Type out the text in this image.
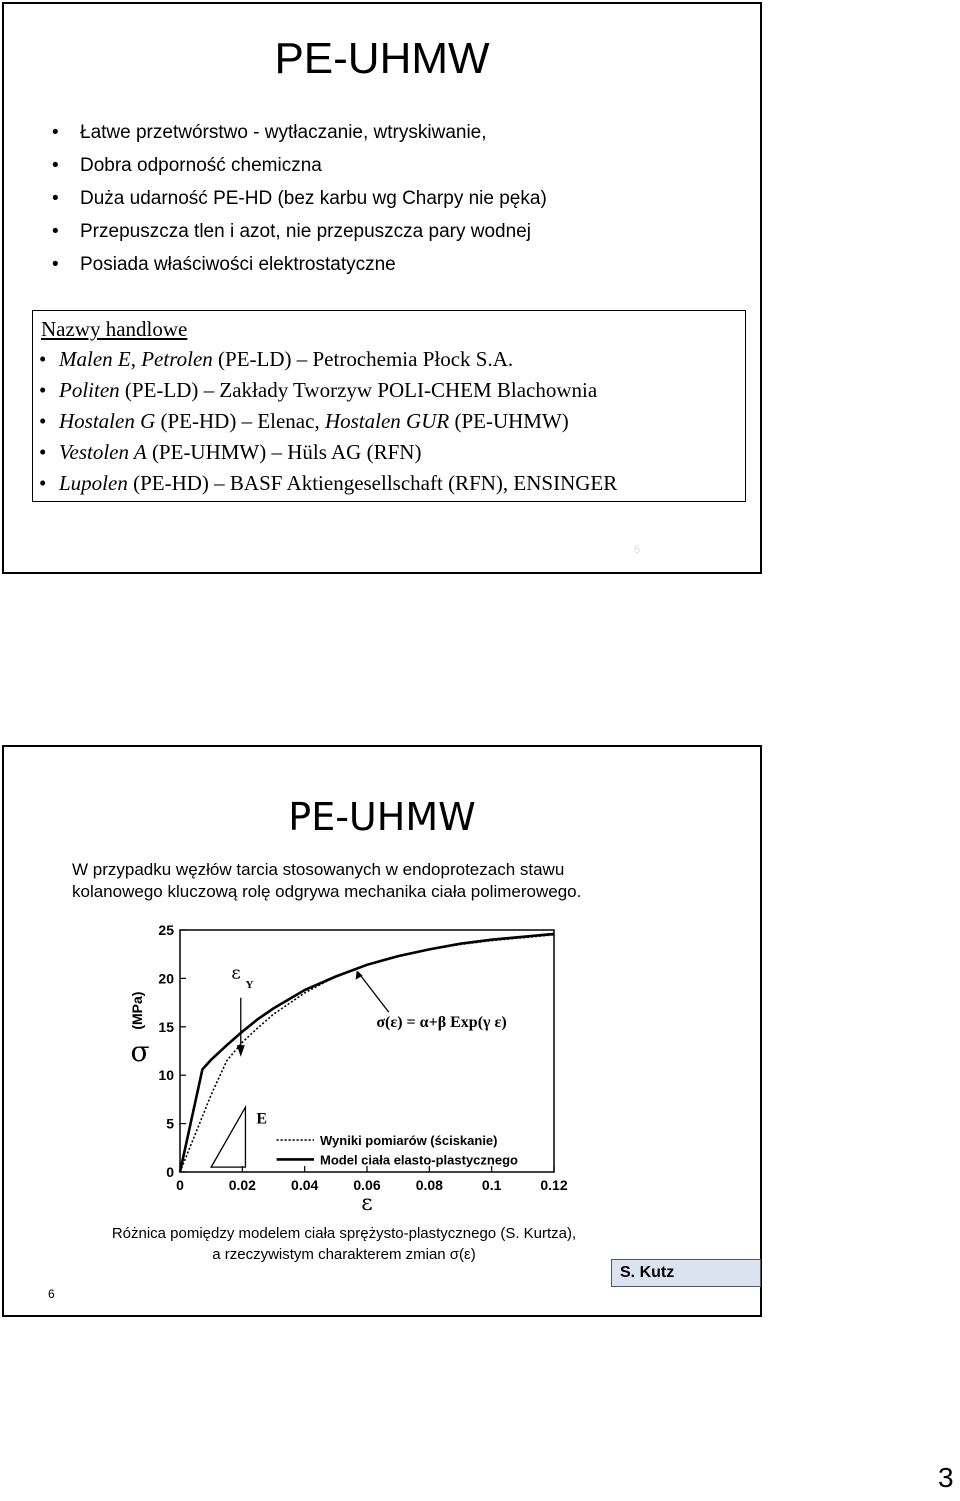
PE-UHMW
• Łatwe przetwórstwo - wytłaczanie, wtryskiwanie,
• Dobra odporność chemiczna
• Duża udarność PE-HD (bez karbu wg Charpy nie pęka)
• Przepuszcza tlen i azot, nie przepuszcza pary wodnej
• Posiada właściwości elektrostatyczne
Nazwy handlowe
• Malen E, Petrolen (PE-LD) – Petrochemia Płock S.A.
• Politen (PE-LD) – Zakłady Tworzyw POLI-CHEM Blachownia
• Hostalen G (PE-HD) – Elenac, Hostalen GUR (PE-UHMW)
• Vestolen A (PE-UHMW) – Hüls AG (RFN)
• Lupolen (PE-HD) – BASF Aktiengesellschaft (RFN), ENSINGER
5
PE-UHMW

W przypadku węzłów tarcia stosowanych w endoprotezach stawu
kolanowego kluczową rolę odgrywa mechanika ciała polimerowego.

0	0.02	0.04	0.06	0.08	0.1	0.12
0
5
10
15
20
25
ε
σ
(MPa)
E
ε
Y
σ(ε) = α+β Exp(γ ε)
Wyniki pomiarów (ściskanie)
Model ciała elasto-plastycznego
Różnica pomiędzy modelem ciała sprężysto-plastycznego (S. Kurtza),
a rzeczywistym charakterem zmian σ(ε)
S. Kutz
6
3
